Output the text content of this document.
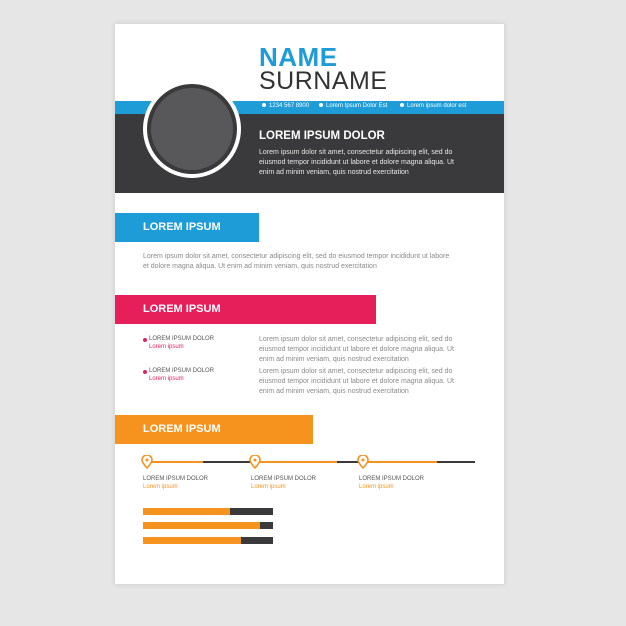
NAME
SURNAME
1234 567 8900	Lorem Ipsum Dolor Est	Lorem ipsum dolor est
LOREM IPSUM DOLOR
Lorem ipsum dolor sit amet, consectetur adipiscing elit, sed do
eiusmod tempor incididunt ut labore et dolore magna aliqua. Ut
enim ad minim veniam, quis nostrud exercitation
LOREM IPSUM
Lorem ipsum dolor sit amet, consectetur adipiscing elit, sed do eiusmod tempor incididunt ut labore
et dolore magna aliqua. Ut enim ad minim veniam, quis nostrud exercitation
LOREM IPSUM
LOREM IPSUM DOLOR
Lorem ipsum
Lorem ipsum dolor sit amet, consectetur adipiscing elit, sed do
eiusmod tempor incididunt ut labore et dolore magna aliqua. Ut
enim ad minim veniam, quis nostrud exercitation
LOREM IPSUM DOLOR
Lorem ipsum
Lorem ipsum dolor sit amet, consectetur adipiscing elit, sed do
eiusmod tempor incididunt ut labore et dolore magna aliqua. Ut
enim ad minim veniam, quis nostrud exercitation
LOREM IPSUM
LOREM IPSUM DOLOR
Lorem ipsum
LOREM IPSUM DOLOR
Lorem ipsum
LOREM IPSUM DOLOR
Lorem ipsum
